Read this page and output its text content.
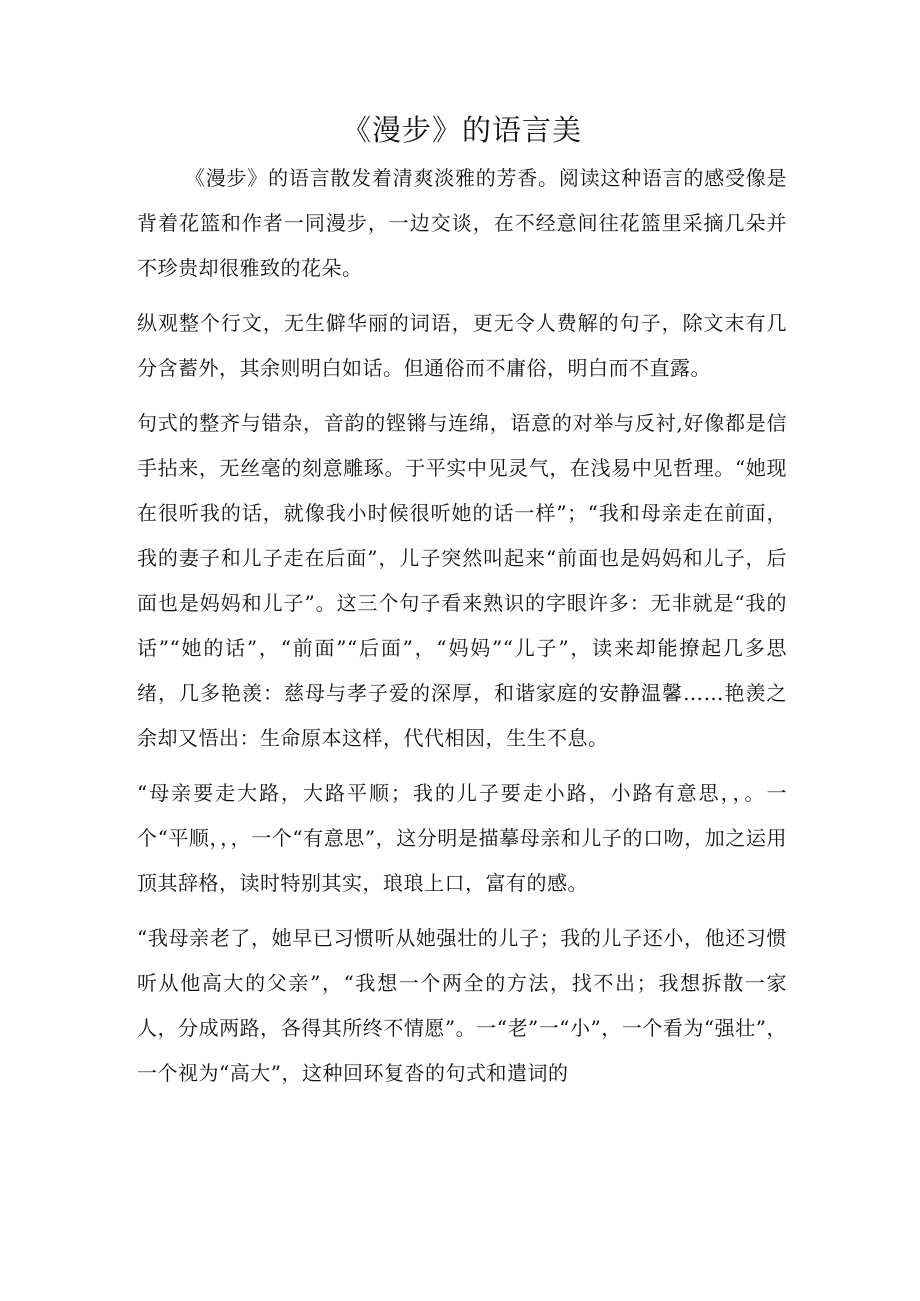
《漫步》的语言美

《漫步》的语言散发着清爽淡雅的芳香。阅读这种语言的感受像是背着花篮和作者一同漫步，一边交谈，在不经意间往花篮里采摘几朵并不珍贵却很雅致的花朵。

纵观整个行文，无生僻华丽的词语，更无令人费解的句子，除文末有几分含蓄外，其余则明白如话。但通俗而不庸俗，明白而不直露。

句式的整齐与错杂，音韵的铿锵与连绵，语意的对举与反衬,好像都是信手拈来，无丝毫的刻意雕琢。于平实中见灵气，在浅易中见哲理。“她现在很听我的话，就像我小时候很听她的话一样”；“我和母亲走在前面，我的妻子和儿子走在后面”，儿子突然叫起来“前面也是妈妈和儿子，后面也是妈妈和儿子”。这三个句子看来熟识的字眼许多：无非就是“我的话”“她的话”，“前面”“后面”，“妈妈”“儿子”，读来却能撩起几多思绪，几多艳羡：慈母与孝子爱的深厚，和谐家庭的安静温馨……艳羡之余却又悟出：生命原本这样，代代相因，生生不息。

“母亲要走大路，大路平顺；我的儿子要走小路，小路有意思，，。一个“平顺，，，一个“有意思”，这分明是描摹母亲和儿子的口吻，加之运用顶其辞格，读时特别其实，琅琅上口，富有的感。

“我母亲老了，她早已习惯听从她强壮的儿子；我的儿子还小，他还习惯听从他高大的父亲”，“我想一个两全的方法，找不出；我想拆散一家人，分成两路，各得其所终不情愿”。一“老”一“小”，一个看为“强壮”，一个视为“高大”，这种回环复沓的句式和遣词的
